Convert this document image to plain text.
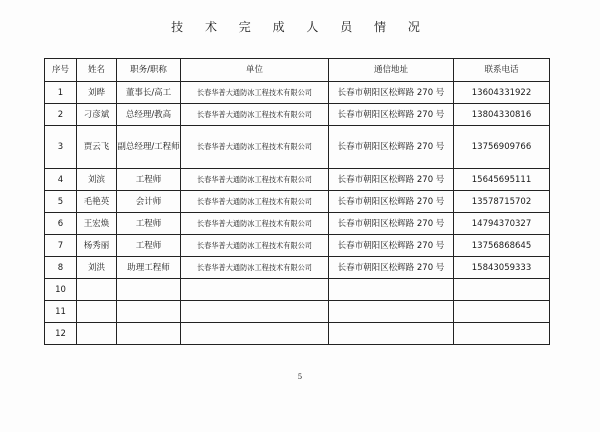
技 术 完 成 人 员 情 况
序号	姓名	职务/职称	单位	通信地址	联系电话
1	刘晔	董事长/高工	长春华普大通防冰工程技术有限公司	长春市朝阳区松辉路 270 号	13604331922
2	刁彦斌	总经理/教高	长春华普大通防冰工程技术有限公司	长春市朝阳区松辉路 270 号	13804330816
3	贾云飞	副总经理/工程师	长春华普大通防冰工程技术有限公司	长春市朝阳区松辉路 270 号	13756909766
4	刘滨	工程师	长春华普大通防冰工程技术有限公司	长春市朝阳区松辉路 270 号	15645695111
5	毛艳英	会计师	长春华普大通防冰工程技术有限公司	长春市朝阳区松辉路 270 号	13578715702
6	王宏焕	工程师	长春华普大通防冰工程技术有限公司	长春市朝阳区松辉路 270 号	14794370327
7	杨秀丽	工程师	长春华普大通防冰工程技术有限公司	长春市朝阳区松辉路 270 号	13756868645
8	刘洪	助理工程师	长春华普大通防冰工程技术有限公司	长春市朝阳区松辉路 270 号	15843059333
10					
11					
12					
5
